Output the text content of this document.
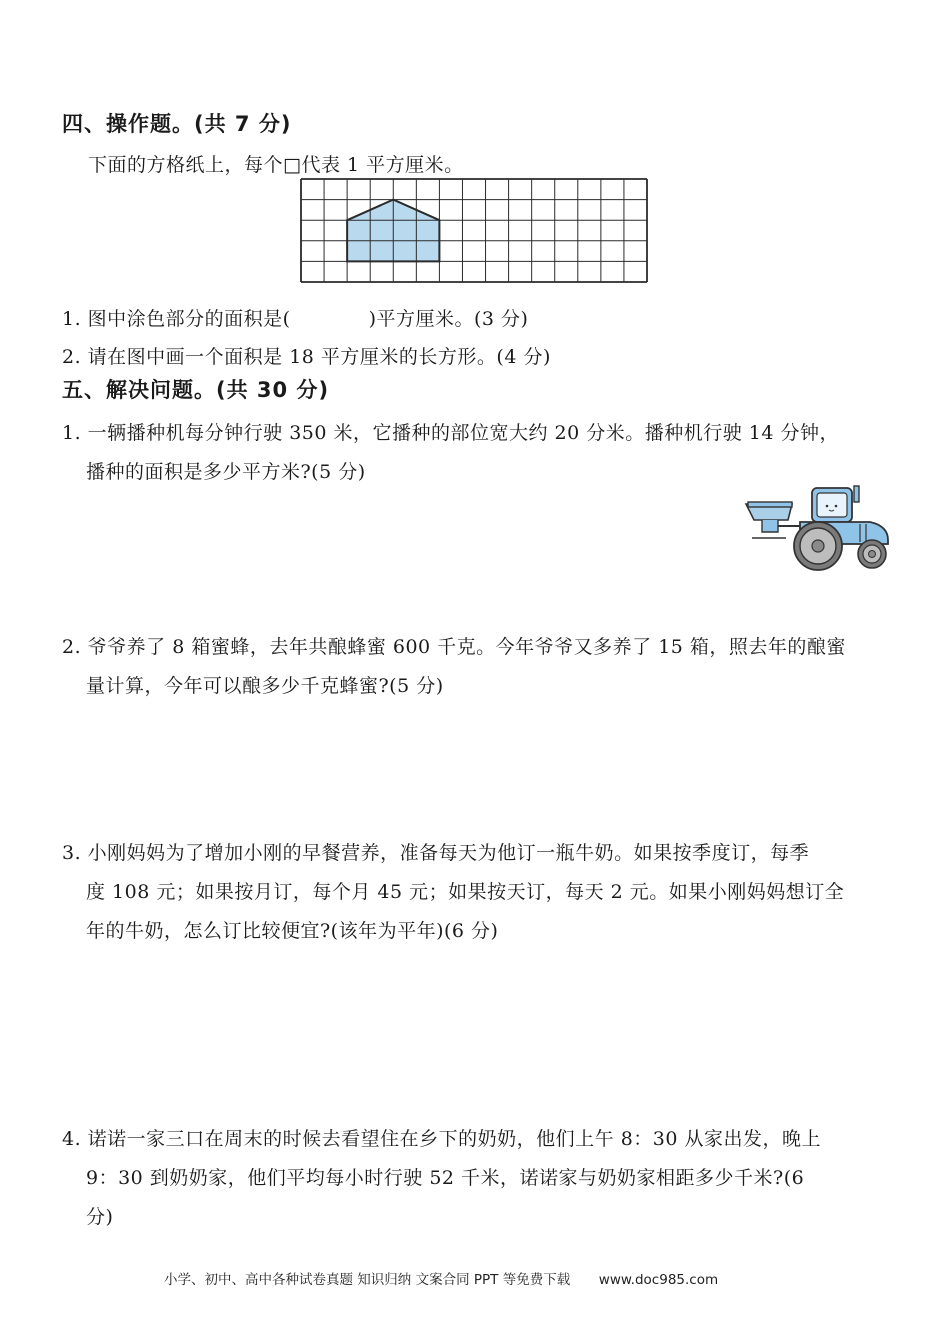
四、操作题。(共 7 分)
下面的方格纸上，每个□代表 1 平方厘米。
1. 图中涂色部分的面积是(	)平方厘米。(3 分)
2. 请在图中画一个面积是 18 平方厘米的长方形。(4 分)
五、解决问题。(共 30 分)
1. 一辆播种机每分钟行驶 350 米，它播种的部位宽大约 20 分米。播种机行驶 14 分钟，
播种的面积是多少平方米?(5 分)
2. 爷爷养了 8 箱蜜蜂，去年共酿蜂蜜 600 千克。今年爷爷又多养了 15 箱，照去年的酿蜜
量计算，今年可以酿多少千克蜂蜜?(5 分)
3. 小刚妈妈为了增加小刚的早餐营养，准备每天为他订一瓶牛奶。如果按季度订，每季
度 108 元；如果按月订，每个月 45 元；如果按天订，每天 2 元。如果小刚妈妈想订全
年的牛奶，怎么订比较便宜?(该年为平年)(6 分)
4. 诺诺一家三口在周末的时候去看望住在乡下的奶奶，他们上午 8：30 从家出发，晚上
9：30 到奶奶家，他们平均每小时行驶 52 千米，诺诺家与奶奶家相距多少千米?(6
分)
小学、初中、高中各种试卷真题 知识归纳 文案合同 PPT 等免费下载 www.doc985.com
